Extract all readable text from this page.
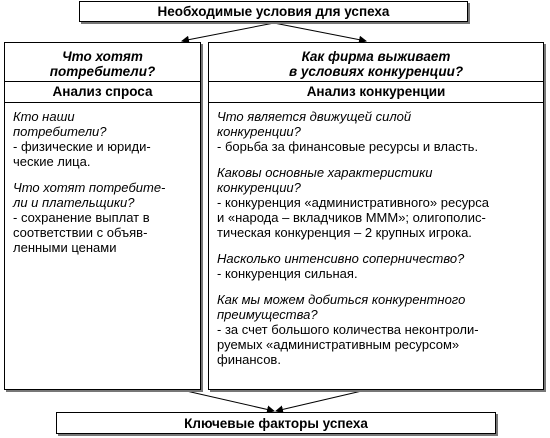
Необходимые условия для успеха
Что хотят
потребители?
Анализ спроса
Кто наши
потребители?
- физические и юриди-
ческие лица.
Что хотят потребите-
ли и плательщики?
- сохранение выплат в
соответствии с объяв-
ленными ценами
Как фирма выживает
в условиях конкуренции?
Анализ конкуренции
Что является движущей силой
конкуренции?
- борьба за финансовые ресурсы и власть.
Каковы основные характеристики
конкуренции?
- конкуренция «административного» ресурса
и «народа – вкладчиков МММ»; олигополис-
тическая конкуренция – 2 крупных игрока.
Насколько интенсивно соперничество?
- конкуренция сильная.
Как мы можем добиться конкурентного
преимущества?
- за счет большого количества неконтроли-
руемых «административным ресурсом»
финансов.
Ключевые факторы успеха
